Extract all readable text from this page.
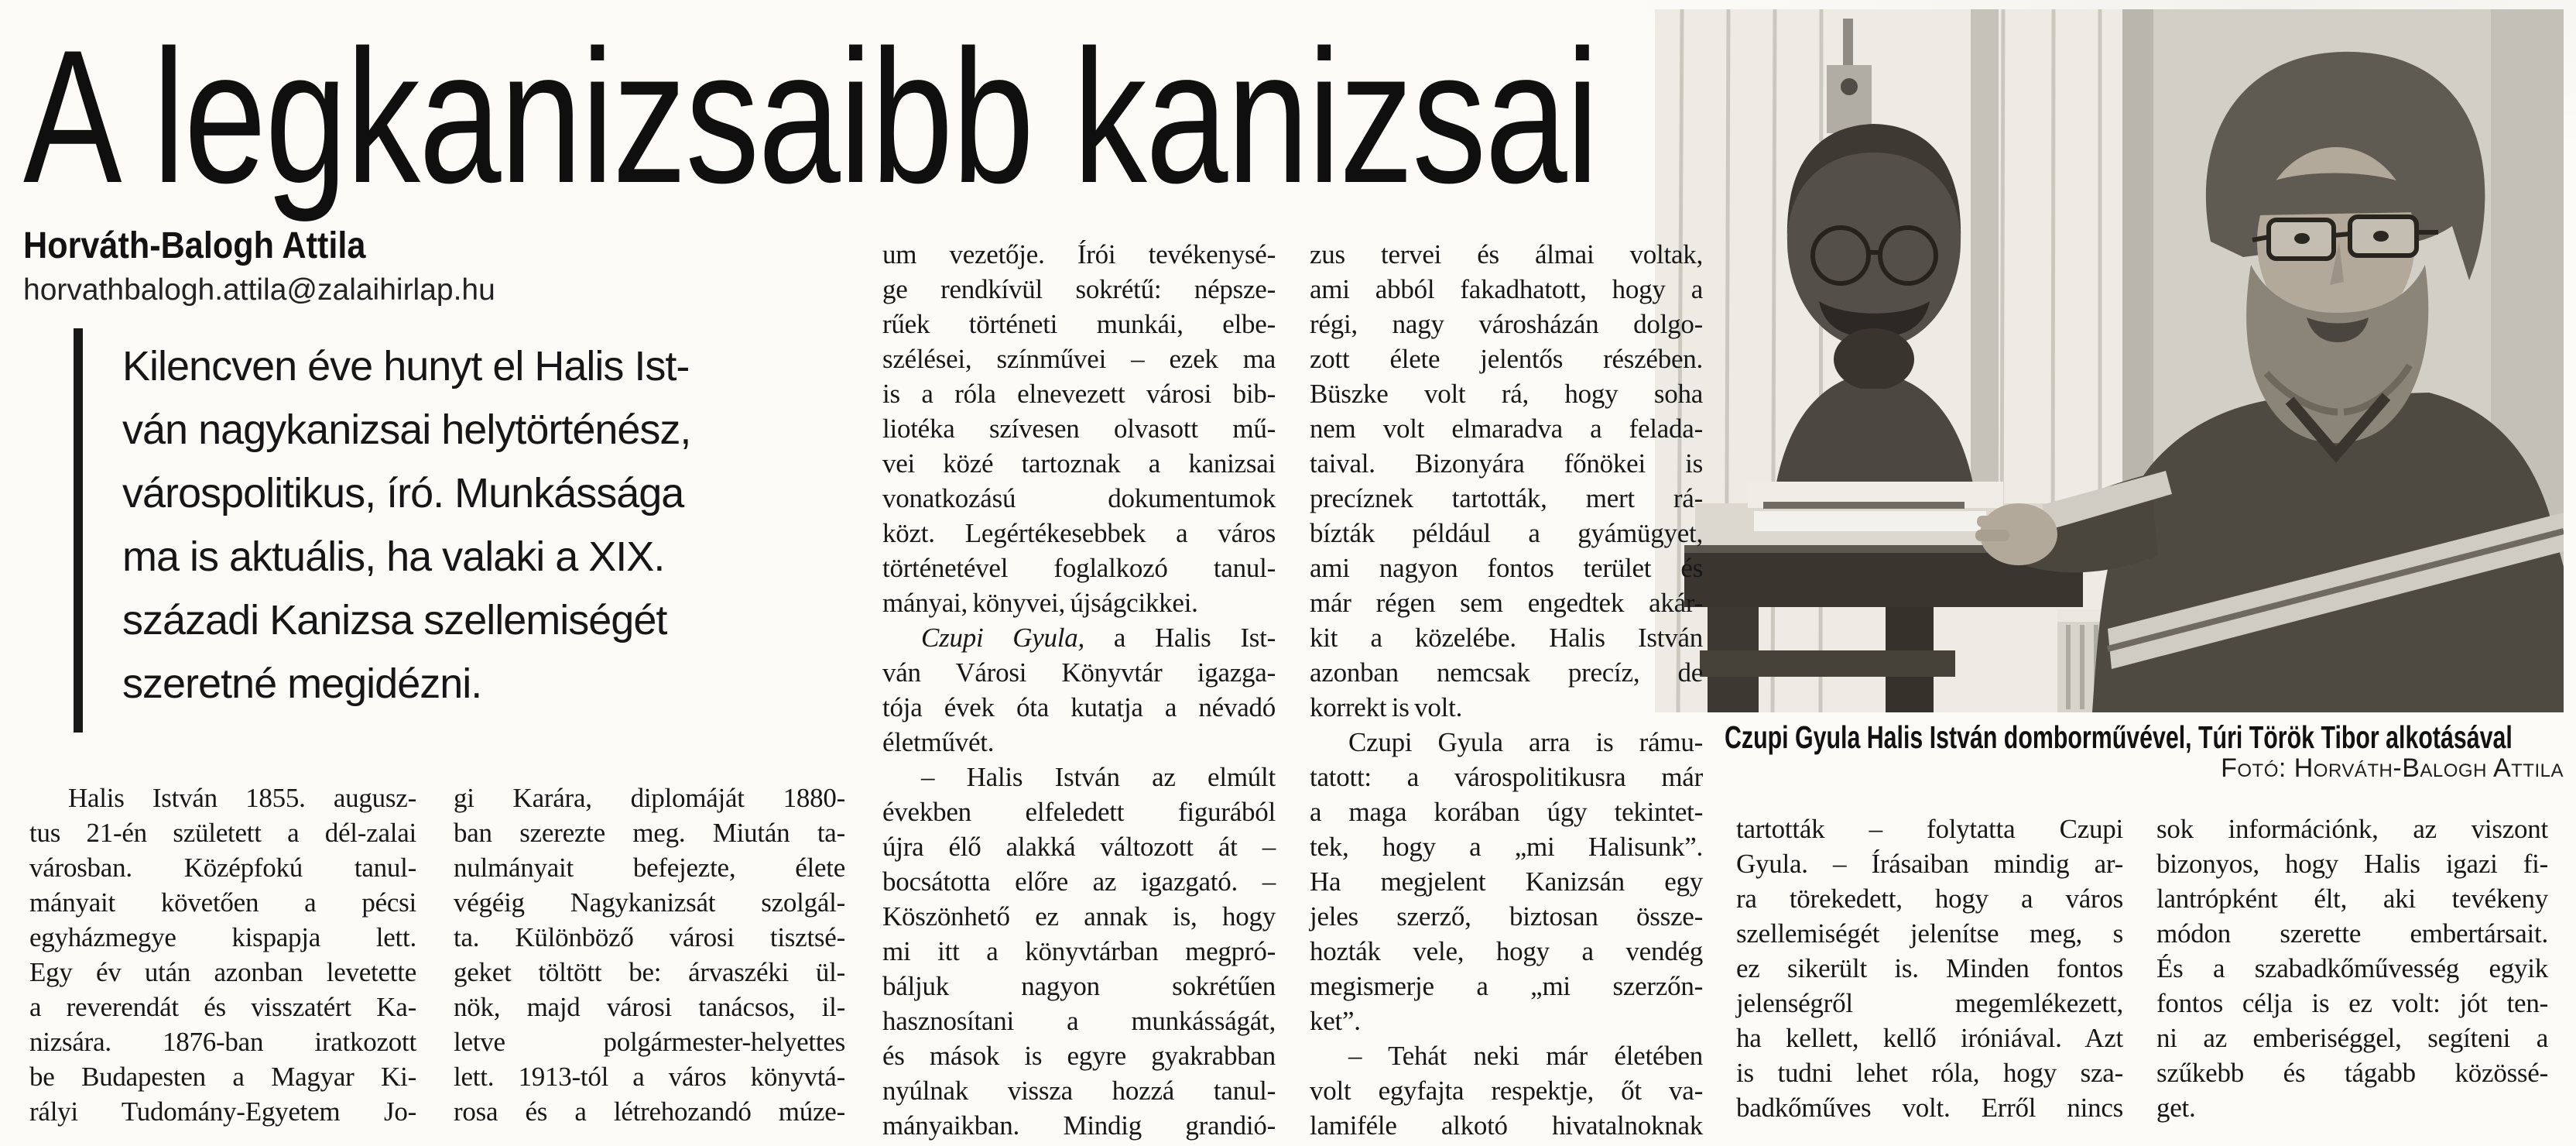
A legkanizsaibb kanizsai
Horváth-Balogh Attila
horvathbalogh.attila@zalaihirlap.hu
Kilencven éve hunyt el Halis Ist-
ván nagykanizsai helytörténész,
várospolitikus, író. Munkássága
ma is aktuális, ha valaki a XIX.
századi Kanizsa szellemiségét
szeretné megidézni.
Czupi Gyula Halis István domborművével, Túri Török Tibor alkotásával
Fotó: Horváth-Balogh Attila
Halis István 1855. augusz-
tus 21-én született a dél-zalai
városban. Középfokú tanul-
mányait követően a pécsi
egyházmegye kispapja lett.
Egy év után azonban levetette
a reverendát és visszatért Ka-
nizsára. 1876-ban iratkozott
be Budapesten a Magyar Ki-
rályi Tudomány-Egyetem Jo-
gi Karára, diplomáját 1880-
ban szerezte meg. Miután ta-
nulmányait befejezte, élete
végéig Nagykanizsát szolgál-
ta. Különböző városi tisztsé-
geket töltött be: árvaszéki ül-
nök, majd városi tanácsos, il-
letve polgármester-helyettes
lett. 1913-tól a város könyvtá-
rosa és a létrehozandó múze-
um vezetője. Írói tevékenysé-
ge rendkívül sokrétű: népsze-
rűek történeti munkái, elbe-
szélései, színművei – ezek ma
is a róla elnevezett városi bib-
liotéka szívesen olvasott mű-
vei közé tartoznak a kanizsai
vonatkozású dokumentumok
közt. Legértékesebbek a város
történetével foglalkozó tanul-
mányai, könyvei, újságcikkei.
Czupi Gyula, a Halis Ist-
ván Városi Könyvtár igazga-
tója évek óta kutatja a névadó
életművét.
– Halis István az elmúlt
években elfeledett figurából
újra élő alakká változott át –
bocsátotta előre az igazgató. –
Köszönhető ez annak is, hogy
mi itt a könyvtárban megpró-
báljuk nagyon sokrétűen
hasznosítani a munkásságát,
és mások is egyre gyakrabban
nyúlnak vissza hozzá tanul-
mányaikban. Mindig grandió-
zus tervei és álmai voltak,
ami abból fakadhatott, hogy a
régi, nagy városházán dolgo-
zott élete jelentős részében.
Büszke volt rá, hogy soha
nem volt elmaradva a felada-
taival. Bizonyára főnökei is
precíznek tartották, mert rá-
bízták például a gyámügyet,
ami nagyon fontos terület és
már régen sem engedtek akár-
kit a közelébe. Halis István
azonban nemcsak precíz, de
korrekt is volt.
Czupi Gyula arra is rámu-
tatott: a várospolitikusra már
a maga korában úgy tekintet-
tek, hogy a „mi Halisunk”.
Ha megjelent Kanizsán egy
jeles szerző, biztosan össze-
hozták vele, hogy a vendég
megismerje a „mi szerzőn-
ket”.
– Tehát neki már életében
volt egyfajta respektje, őt va-
lamiféle alkotó hivatalnoknak
tartották – folytatta Czupi
Gyula. – Írásaiban mindig ar-
ra törekedett, hogy a város
szellemiségét jelenítse meg, s
ez sikerült is. Minden fontos
jelenségről megemlékezett,
ha kellett, kellő iróniával. Azt
is tudni lehet róla, hogy sza-
badkőműves volt. Erről nincs
sok információnk, az viszont
bizonyos, hogy Halis igazi fi-
lantrópként élt, aki tevékeny
módon szerette embertársait.
És a szabadkőművesség egyik
fontos célja is ez volt: jót ten-
ni az emberiséggel, segíteni a
szűkebb és tágabb közössé-
get.
